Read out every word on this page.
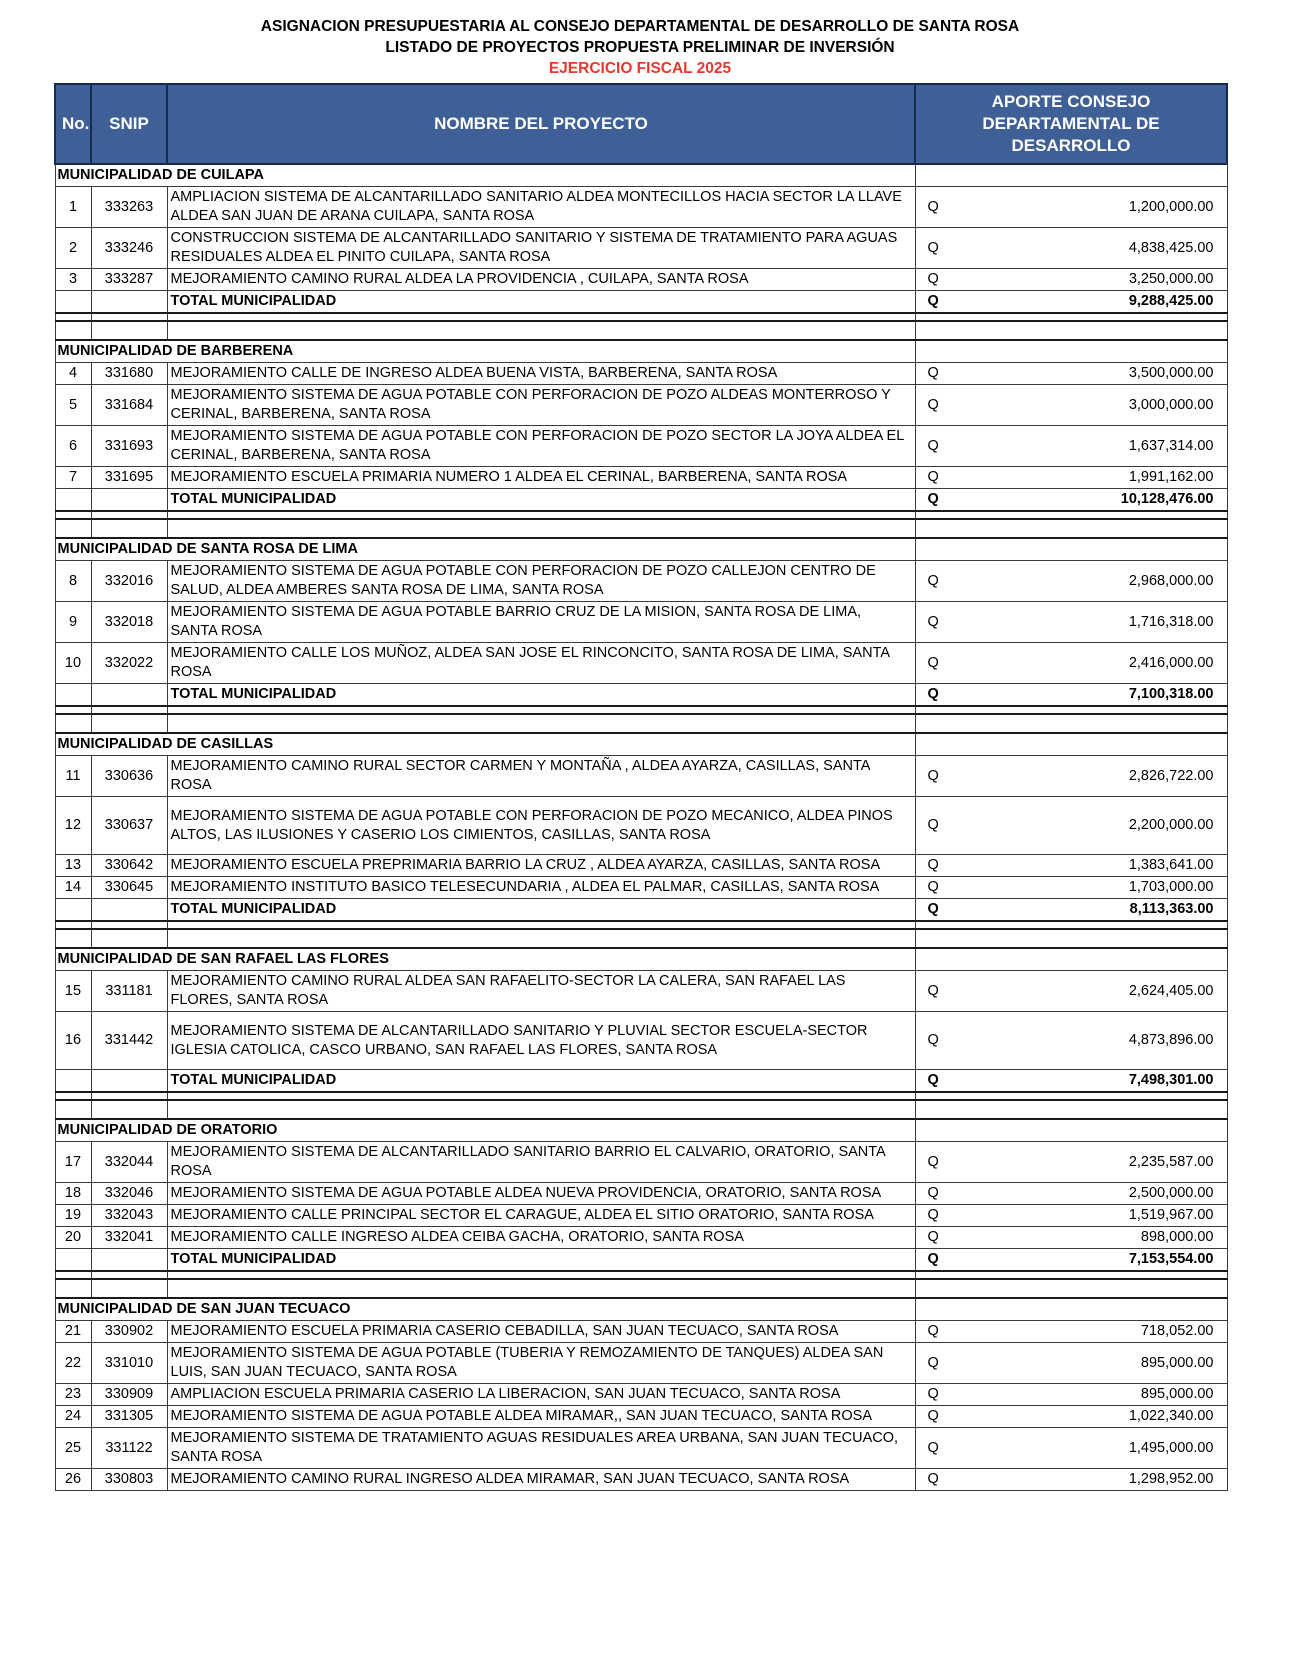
ASIGNACION PRESUPUESTARIA AL CONSEJO DEPARTAMENTAL DE DESARROLLO DE SANTA ROSA
LISTADO DE PROYECTOS PROPUESTA PRELIMINAR DE INVERSIÓN
EJERCICIO FISCAL 2025
No.	SNIP	NOMBRE DEL PROYECTO	APORTE CONSEJO DEPARTAMENTAL DE DESARROLLO
MUNICIPALIDAD DE CUILAPA			
1	333263	AMPLIACION SISTEMA DE ALCANTARILLADO SANITARIO ALDEA MONTECILLOS HACIA SECTOR LA LLAVE ALDEA SAN JUAN DE ARANA CUILAPA, SANTA ROSA	Q 1,200,000.00

2	333246	CONSTRUCCION SISTEMA DE ALCANTARILLADO SANITARIO Y SISTEMA DE TRATAMIENTO PARA AGUAS RESIDUALES ALDEA EL PINITO CUILAPA, SANTA ROSA	Q 4,838,425.00

3	333287	MEJORAMIENTO CAMINO RURAL ALDEA LA PROVIDENCIA , CUILAPA, SANTA ROSA	Q 3,250,000.00

		TOTAL MUNICIPALIDAD	Q 9,288,425.00

MUNICIPALIDAD DE BARBERENA			
4	331680	MEJORAMIENTO CALLE DE INGRESO ALDEA BUENA VISTA, BARBERENA, SANTA ROSA	Q 3,500,000.00

5	331684	MEJORAMIENTO SISTEMA DE AGUA POTABLE CON PERFORACION DE POZO ALDEAS MONTERROSO Y CERINAL, BARBERENA, SANTA ROSA	Q 3,000,000.00

6	331693	MEJORAMIENTO SISTEMA DE AGUA POTABLE CON PERFORACION DE POZO SECTOR LA JOYA ALDEA EL CERINAL, BARBERENA, SANTA ROSA	Q 1,637,314.00

7	331695	MEJORAMIENTO ESCUELA PRIMARIA NUMERO 1 ALDEA EL CERINAL, BARBERENA, SANTA ROSA	Q 1,991,162.00

		TOTAL MUNICIPALIDAD	Q 10,128,476.00

MUNICIPALIDAD DE SANTA ROSA DE LIMA			
8	332016	MEJORAMIENTO SISTEMA DE AGUA POTABLE CON PERFORACION DE POZO CALLEJON CENTRO DE SALUD, ALDEA AMBERES SANTA ROSA DE LIMA, SANTA ROSA	Q 2,968,000.00

9	332018	MEJORAMIENTO SISTEMA DE AGUA POTABLE BARRIO CRUZ DE LA MISION, SANTA ROSA DE LIMA, SANTA ROSA	Q 1,716,318.00

10	332022	MEJORAMIENTO CALLE LOS MUÑOZ, ALDEA SAN JOSE EL RINCONCITO, SANTA ROSA DE LIMA, SANTA ROSA	Q 2,416,000.00

		TOTAL MUNICIPALIDAD	Q 7,100,318.00

MUNICIPALIDAD DE CASILLAS			
11	330636	MEJORAMIENTO CAMINO RURAL SECTOR CARMEN Y MONTAÑA , ALDEA AYARZA, CASILLAS, SANTA ROSA	Q 2,826,722.00

12	330637	MEJORAMIENTO SISTEMA DE AGUA POTABLE CON PERFORACION DE POZO MECANICO, ALDEA PINOS ALTOS, LAS ILUSIONES Y CASERIO LOS CIMIENTOS, CASILLAS, SANTA ROSA	Q 2,200,000.00

13	330642	MEJORAMIENTO ESCUELA PREPRIMARIA BARRIO LA CRUZ , ALDEA AYARZA, CASILLAS, SANTA ROSA	Q 1,383,641.00

14	330645	MEJORAMIENTO INSTITUTO BASICO TELESECUNDARIA , ALDEA EL PALMAR, CASILLAS, SANTA ROSA	Q 1,703,000.00

		TOTAL MUNICIPALIDAD	Q 8,113,363.00

MUNICIPALIDAD DE SAN RAFAEL LAS FLORES			
15	331181	MEJORAMIENTO CAMINO RURAL ALDEA SAN RAFAELITO-SECTOR LA CALERA, SAN RAFAEL LAS FLORES, SANTA ROSA	Q 2,624,405.00

16	331442	MEJORAMIENTO SISTEMA DE ALCANTARILLADO SANITARIO Y PLUVIAL SECTOR ESCUELA-SECTOR IGLESIA CATOLICA, CASCO URBANO, SAN RAFAEL LAS FLORES, SANTA ROSA	Q 4,873,896.00

		TOTAL MUNICIPALIDAD	Q 7,498,301.00

MUNICIPALIDAD DE ORATORIO			
17	332044	MEJORAMIENTO SISTEMA DE ALCANTARILLADO SANITARIO BARRIO EL CALVARIO, ORATORIO, SANTA ROSA	Q 2,235,587.00

18	332046	MEJORAMIENTO SISTEMA DE AGUA POTABLE ALDEA NUEVA PROVIDENCIA, ORATORIO, SANTA ROSA	Q 2,500,000.00

19	332043	MEJORAMIENTO CALLE PRINCIPAL SECTOR EL CARAGUE, ALDEA EL SITIO ORATORIO, SANTA ROSA	Q 1,519,967.00

20	332041	MEJORAMIENTO CALLE INGRESO ALDEA CEIBA GACHA, ORATORIO, SANTA ROSA	Q 898,000.00

		TOTAL MUNICIPALIDAD	Q 7,153,554.00

MUNICIPALIDAD DE SAN JUAN TECUACO			
21	330902	MEJORAMIENTO ESCUELA PRIMARIA CASERIO CEBADILLA, SAN JUAN TECUACO, SANTA ROSA	Q 718,052.00

22	331010	MEJORAMIENTO SISTEMA DE AGUA POTABLE (TUBERIA Y REMOZAMIENTO DE TANQUES) ALDEA SAN LUIS, SAN JUAN TECUACO, SANTA ROSA	Q 895,000.00

23	330909	AMPLIACION ESCUELA PRIMARIA CASERIO LA LIBERACION, SAN JUAN TECUACO, SANTA ROSA	Q 895,000.00

24	331305	MEJORAMIENTO SISTEMA DE AGUA POTABLE ALDEA MIRAMAR,, SAN JUAN TECUACO, SANTA ROSA	Q 1,022,340.00

25	331122	MEJORAMIENTO SISTEMA DE TRATAMIENTO AGUAS RESIDUALES AREA URBANA, SAN JUAN TECUACO, SANTA ROSA	Q 1,495,000.00

26	330803	MEJORAMIENTO CAMINO RURAL INGRESO ALDEA MIRAMAR, SAN JUAN TECUACO, SANTA ROSA	Q 1,298,952.00
